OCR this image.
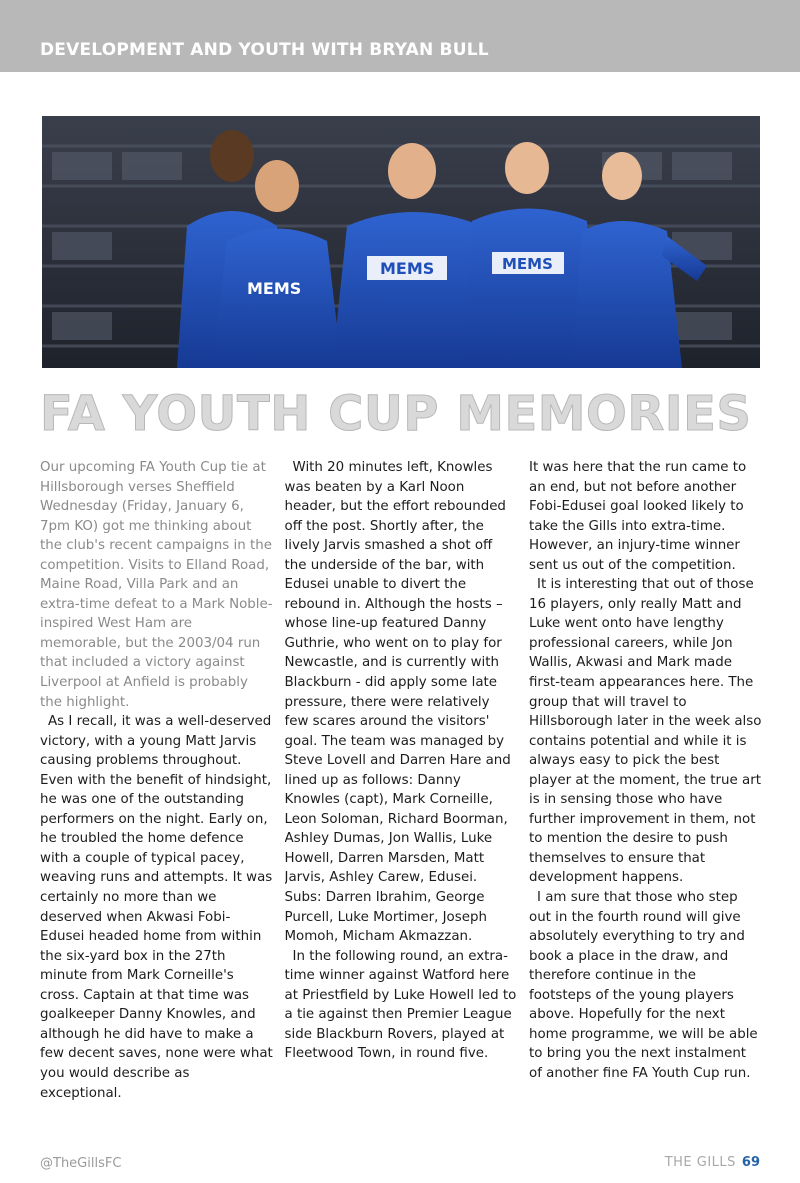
DEVELOPMENT AND YOUTH WITH BRYAN BULL
MEMS
MEMS	MEMS
FA YOUTH CUP MEMORIES

Our upcoming FA Youth Cup tie at Hillsborough verses Sheffield Wednesday (Friday, January 6, 7pm KO) got me thinking about the club's recent campaigns in the competition. Visits to Elland Road, Maine Road, Villa Park and an extra-time defeat to a Mark Noble-inspired West Ham are memorable, but the 2003/04 run that included a victory against Liverpool at Anfield is probably the highlight.

As I recall, it was a well-deserved victory, with a young Matt Jarvis causing problems throughout. Even with the benefit of hindsight, he was one of the outstanding performers on the night. Early on, he troubled the home defence with a couple of typical pacey, weaving runs and attempts. It was certainly no more than we deserved when Akwasi Fobi-Edusei headed home from within the six-yard box in the 27th minute from Mark Corneille's cross. Captain at that time was goalkeeper Danny Knowles, and although he did have to make a few decent saves, none were what you would describe as exceptional.

With 20 minutes left, Knowles was beaten by a Karl Noon header, but the effort rebounded off the post. Shortly after, the lively Jarvis smashed a shot off the underside of the bar, with Edusei unable to divert the rebound in. Although the hosts – whose line-up featured Danny Guthrie, who went on to play for Newcastle, and is currently with Blackburn - did apply some late pressure, there were relatively few scares around the visitors' goal. The team was managed by Steve Lovell and Darren Hare and lined up as follows: Danny Knowles (capt), Mark Corneille, Leon Soloman, Richard Boorman, Ashley Dumas, Jon Wallis, Luke Howell, Darren Marsden, Matt Jarvis, Ashley Carew, Edusei. Subs: Darren Ibrahim, George Purcell, Luke Mortimer, Joseph Momoh, Micham Akmazzan.

In the following round, an extra-time winner against Watford here at Priestfield by Luke Howell led to a tie against then Premier League side Blackburn Rovers, played at Fleetwood Town, in round five.

It was here that the run came to an end, but not before another Fobi-Edusei goal looked likely to take the Gills into extra-time. However, an injury-time winner sent us out of the competition.

It is interesting that out of those 16 players, only really Matt and Luke went onto have lengthy professional careers, while Jon Wallis, Akwasi and Mark made first-team appearances here. The group that will travel to Hillsborough later in the week also contains potential and while it is always easy to pick the best player at the moment, the true art is in sensing those who have further improvement in them, not to mention the desire to push themselves to ensure that development happens.

I am sure that those who step out in the fourth round will give absolutely everything to try and book a place in the draw, and therefore continue in the footsteps of the young players above. Hopefully for the next home programme, we will be able to bring you the next instalment of another fine FA Youth Cup run.

@TheGillsFC	THE GILLS 69
